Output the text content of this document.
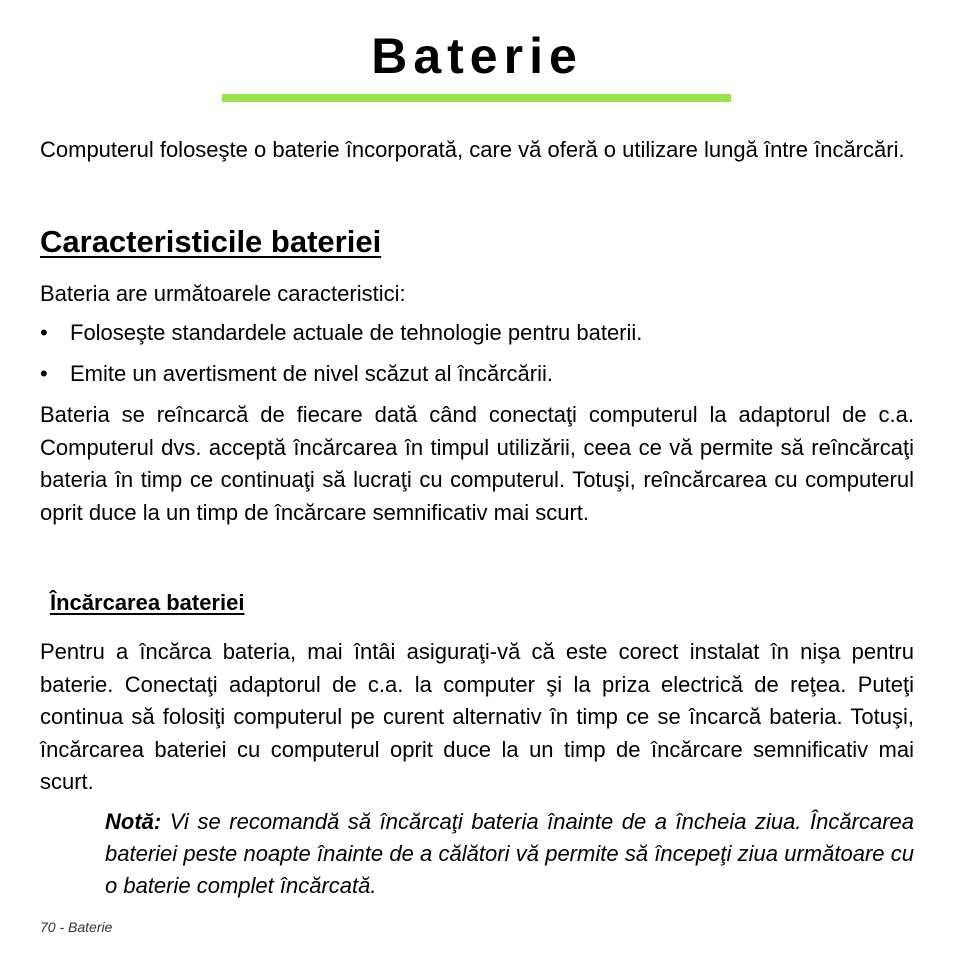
Baterie

Computerul foloseşte o baterie încorporată, care vă oferă o utilizare lungă între încărcări.

Caracteristicile bateriei

Bateria are următoarele caracteristici:

•	Foloseşte standardele actuale de tehnologie pentru baterii.
•	Emite un avertisment de nivel scăzut al încărcării.

Bateria se reîncarcă de fiecare dată când conectaţi computerul la adaptorul de c.a. Computerul dvs. acceptă încărcarea în timpul utilizării, ceea ce vă permite să reîncărcaţi bateria în timp ce continuaţi să lucraţi cu computerul. Totuşi, reîncărcarea cu computerul oprit duce la un timp de încărcare semnificativ mai scurt.

Încărcarea bateriei

Pentru a încărca bateria, mai întâi asiguraţi-vă că este corect instalat în nişa pentru baterie. Conectaţi adaptorul de c.a. la computer şi la priza electrică de reţea. Puteţi continua să folosiţi computerul pe curent alternativ în timp ce se încarcă bateria. Totuşi, încărcarea bateriei cu computerul oprit duce la un timp de încărcare semnificativ mai scurt.

Notă: Vi se recomandă să încărcaţi bateria înainte de a încheia ziua. Încărcarea bateriei peste noapte înainte de a călători vă permite să începeţi ziua următoare cu o baterie complet încărcată.

70 - Baterie
